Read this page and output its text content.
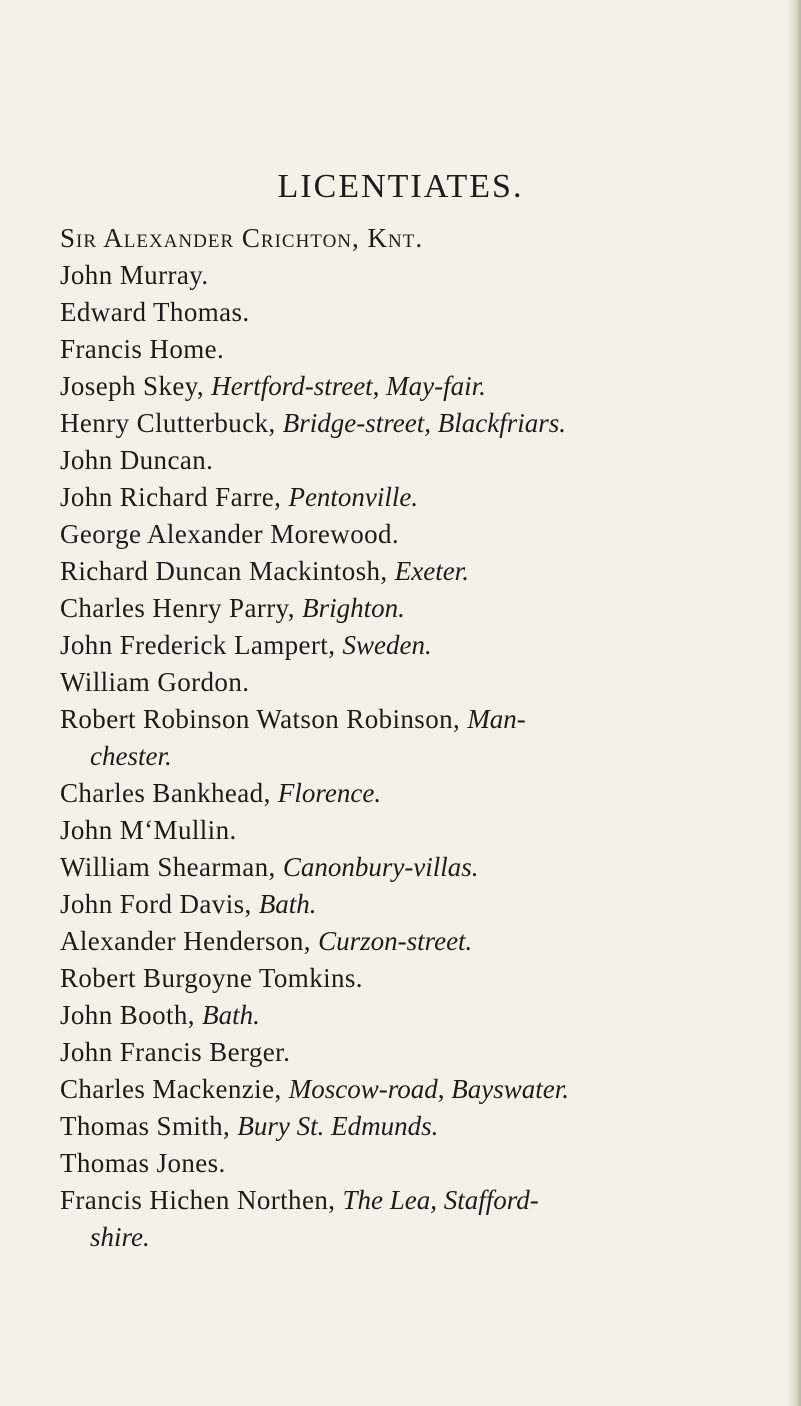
LICENTIATES.
Sir Alexander Crichton, Knt.
John Murray.
Edward Thomas.
Francis Home.
Joseph Skey, Hertford-street, May-fair.
Henry Clutterbuck, Bridge-street, Blackfriars.
John Duncan.
John Richard Farre, Pentonville.
George Alexander Morewood.
Richard Duncan Mackintosh, Exeter.
Charles Henry Parry, Brighton.
John Frederick Lampert, Sweden.
William Gordon.
Robert Robinson Watson Robinson, Man-
chester.
Charles Bankhead, Florence.
John M‘Mullin.
William Shearman, Canonbury-villas.
John Ford Davis, Bath.
Alexander Henderson, Curzon-street.
Robert Burgoyne Tomkins.
John Booth, Bath.
John Francis Berger.
Charles Mackenzie, Moscow-road, Bayswater.
Thomas Smith, Bury St. Edmunds.
Thomas Jones.
Francis Hichen Northen, The Lea, Stafford-
shire.
